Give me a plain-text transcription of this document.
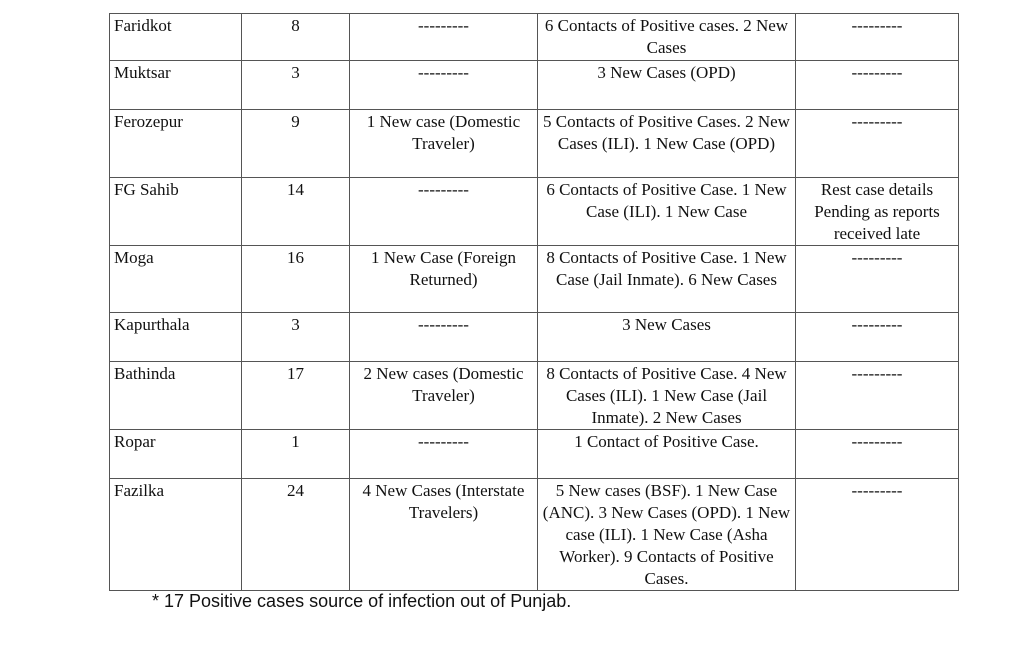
Faridkot	8	---------	6 Contacts of Positive cases. 2 New Cases	---------
Muktsar	3	---------	3 New Cases (OPD)	---------
Ferozepur	9	1 New case (Domestic Traveler)	5 Contacts of Positive Cases. 2 New Cases (ILI). 1 New Case (OPD)	---------
FG Sahib	14	---------	6 Contacts of Positive Case. 1 New Case (ILI). 1 New Case	Rest case details Pending as reports received late
Moga	16	1 New Case (Foreign Returned)	8 Contacts of Positive Case. 1 New Case (Jail Inmate). 6 New Cases	---------
Kapurthala	3	---------	3 New Cases	---------
Bathinda	17	2 New cases (Domestic Traveler)	8 Contacts of Positive Case. 4 New Cases (ILI). 1 New Case (Jail Inmate). 2 New Cases	---------
Ropar	1	---------	1 Contact of Positive Case.	---------
Fazilka	24	4 New Cases (Interstate Travelers)	5 New cases (BSF). 1 New Case (ANC). 3 New Cases (OPD). 1 New case (ILI). 1 New Case (Asha Worker). 9 Contacts of Positive Cases.	---------
* 17 Positive cases source of infection out of Punjab.
